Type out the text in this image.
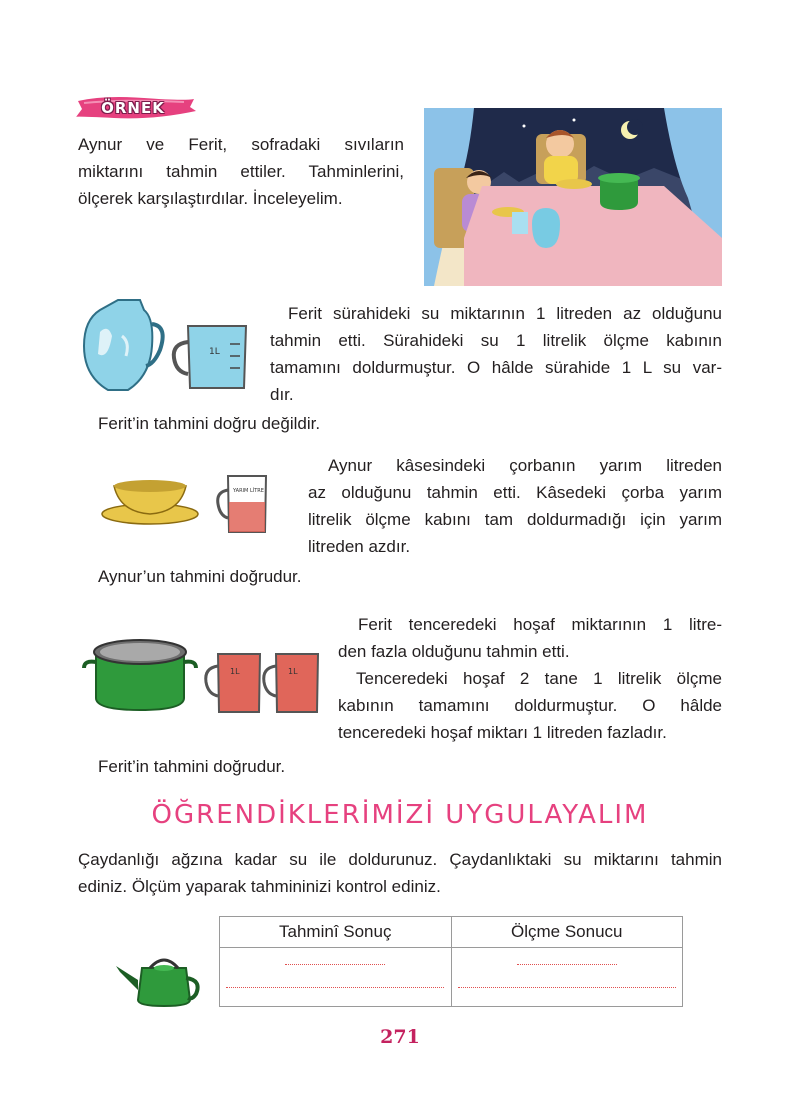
ÖRNEK
Aynur ve Ferit, sofradaki sıvıların
miktarını tahmin ettiler. Tahminlerini,
ölçerek karşılaştırdılar. İnceleyelim.
1L
Ferit sürahideki su miktarının 1 litreden az olduğunu
tahmin etti. Sürahideki su 1 litrelik ölçme kabının
tamamını doldurmuştur. O hâlde sürahide 1 L su var-
dır.
Ferit’in tahmini doğru değildir.
YARIM LİTRE
Aynur kâsesindeki çorbanın yarım litreden
az olduğunu tahmin etti. Kâsedeki çorba yarım
litrelik ölçme kabını tam doldurmadığı için yarım
litreden azdır.
Aynur’un tahmini doğrudur.
1L	1L
Ferit tenceredeki hoşaf miktarının 1 litre-
den fazla olduğunu tahmin etti.
Tenceredeki hoşaf 2 tane 1 litrelik ölçme
kabının tamamını doldurmuştur. O hâlde
tenceredeki hoşaf miktarı 1 litreden fazladır.
Ferit’in tahmini doğrudur.
ÖĞRENDİKLERİMİZİ UYGULAYALIM
Çaydanlığı ağzına kadar su ile doldurunuz. Çaydanlıktaki su miktarını tahmin
ediniz. Ölçüm yaparak tahmininizi kontrol ediniz.
Tahminî Sonuç	Ölçme Sonucu

271
